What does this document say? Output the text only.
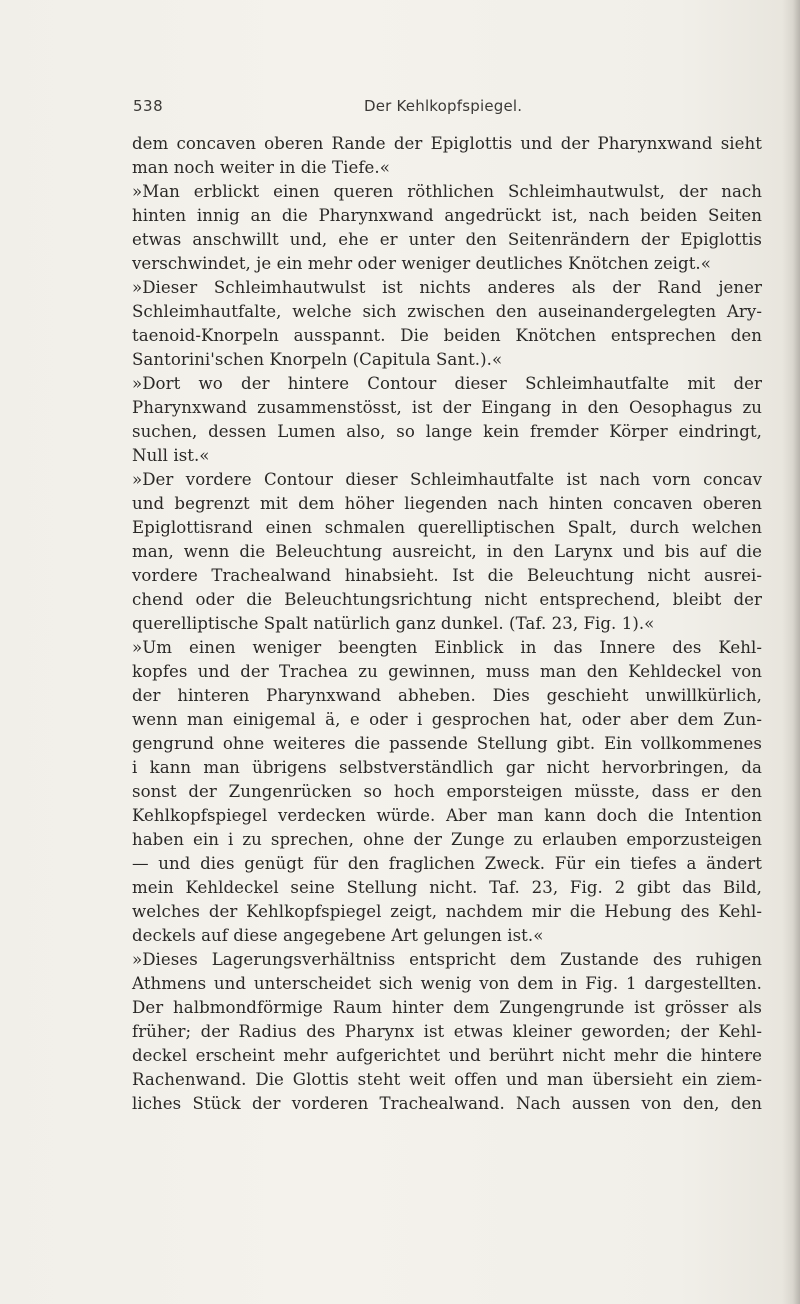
538	Der Kehlkopfspiegel.
dem concaven oberen Rande der Epiglottis und der Pharynxwand sieht
man noch weiter in die Tiefe.«
»Man erblickt einen queren röthlichen Schleimhautwulst, der nach
hinten innig an die Pharynxwand angedrückt ist, nach beiden Seiten
etwas anschwillt und, ehe er unter den Seitenrändern der Epiglottis
verschwindet, je ein mehr oder weniger deutliches Knötchen zeigt.«
»Dieser Schleimhautwulst ist nichts anderes als der Rand jener
Schleimhautfalte, welche sich zwischen den auseinandergelegten Ary-
taenoid-Knorpeln ausspannt. Die beiden Knötchen entsprechen den
Santorini'schen Knorpeln (Capitula Sant.).«
»Dort wo der hintere Contour dieser Schleimhautfalte mit der
Pharynxwand zusammenstösst, ist der Eingang in den Oesophagus zu
suchen, dessen Lumen also, so lange kein fremder Körper eindringt,
Null ist.«
»Der vordere Contour dieser Schleimhautfalte ist nach vorn concav
und begrenzt mit dem höher liegenden nach hinten concaven oberen
Epiglottisrand einen schmalen querelliptischen Spalt, durch welchen
man, wenn die Beleuchtung ausreicht, in den Larynx und bis auf die
vordere Trachealwand hinabsieht. Ist die Beleuchtung nicht ausrei-
chend oder die Beleuchtungsrichtung nicht entsprechend, bleibt der
querelliptische Spalt natürlich ganz dunkel. (Taf. 23, Fig. 1).«
»Um einen weniger beengten Einblick in das Innere des Kehl-
kopfes und der Trachea zu gewinnen, muss man den Kehldeckel von
der hinteren Pharynxwand abheben. Dies geschieht unwillkürlich,
wenn man einigemal ä, e oder i gesprochen hat, oder aber dem Zun-
gengrund ohne weiteres die passende Stellung gibt. Ein vollkommenes
i kann man übrigens selbstverständlich gar nicht hervorbringen, da
sonst der Zungenrücken so hoch emporsteigen müsste, dass er den
Kehlkopfspiegel verdecken würde. Aber man kann doch die Intention
haben ein i zu sprechen, ohne der Zunge zu erlauben emporzusteigen
— und dies genügt für den fraglichen Zweck. Für ein tiefes a ändert
mein Kehldeckel seine Stellung nicht. Taf. 23, Fig. 2 gibt das Bild,
welches der Kehlkopfspiegel zeigt, nachdem mir die Hebung des Kehl-
deckels auf diese angegebene Art gelungen ist.«
»Dieses Lagerungsverhältniss entspricht dem Zustande des ruhigen
Athmens und unterscheidet sich wenig von dem in Fig. 1 dargestellten.
Der halbmondförmige Raum hinter dem Zungengrunde ist grösser als
früher; der Radius des Pharynx ist etwas kleiner geworden; der Kehl-
deckel erscheint mehr aufgerichtet und berührt nicht mehr die hintere
Rachenwand. Die Glottis steht weit offen und man übersieht ein ziem-
liches Stück der vorderen Trachealwand. Nach aussen von den, den
